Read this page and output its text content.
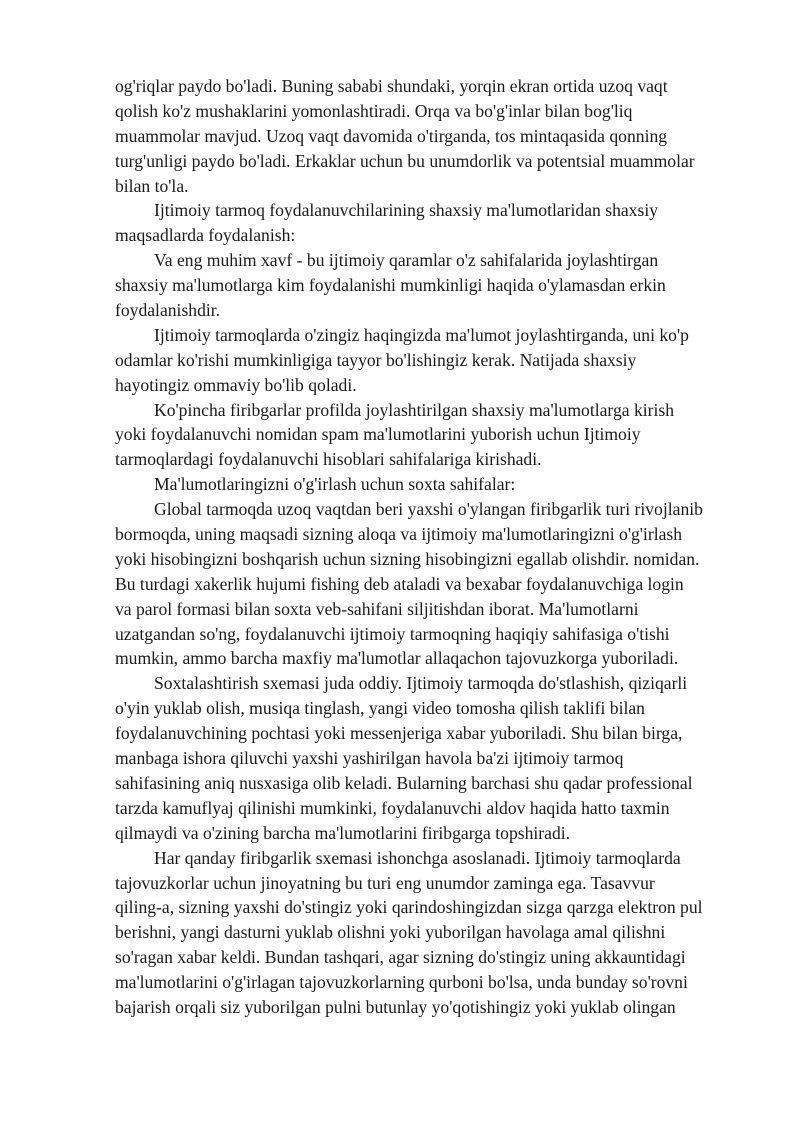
og'riqlar paydo bo'ladi. Buning sababi shundaki, yorqin ekran ortida uzoq vaqt
qolish ko'z mushaklarini yomonlashtiradi. Orqa va bo'g'inlar bilan bog'liq
muammolar mavjud. Uzoq vaqt davomida o'tirganda, tos mintaqasida qonning
turg'unligi paydo bo'ladi. Erkaklar uchun bu unumdorlik va potentsial muammolar
bilan to'la.
Ijtimoiy tarmoq foydalanuvchilarining shaxsiy ma'lumotlaridan shaxsiy
maqsadlarda foydalanish:
Va eng muhim xavf - bu ijtimoiy qaramlar o'z sahifalarida joylashtirgan
shaxsiy ma'lumotlarga kim foydalanishi mumkinligi haqida o'ylamasdan erkin
foydalanishdir.
Ijtimoiy tarmoqlarda o'zingiz haqingizda ma'lumot joylashtirganda, uni ko'p
odamlar ko'rishi mumkinligiga tayyor bo'lishingiz kerak. Natijada shaxsiy
hayotingiz ommaviy bo'lib qoladi.
Ko'pincha firibgarlar profilda joylashtirilgan shaxsiy ma'lumotlarga kirish
yoki foydalanuvchi nomidan spam ma'lumotlarini yuborish uchun Ijtimoiy
tarmoqlardagi foydalanuvchi hisoblari sahifalariga kirishadi.
Ma'lumotlaringizni o'g'irlash uchun soxta sahifalar:
Global tarmoqda uzoq vaqtdan beri yaxshi o'ylangan firibgarlik turi rivojlanib
bormoqda, uning maqsadi sizning aloqa va ijtimoiy ma'lumotlaringizni o'g'irlash
yoki hisobingizni boshqarish uchun sizning hisobingizni egallab olishdir. nomidan.
Bu turdagi xakerlik hujumi fishing deb ataladi va bexabar foydalanuvchiga login
va parol formasi bilan soxta veb-sahifani siljitishdan iborat. Ma'lumotlarni
uzatgandan so'ng, foydalanuvchi ijtimoiy tarmoqning haqiqiy sahifasiga o'tishi
mumkin, ammo barcha maxfiy ma'lumotlar allaqachon tajovuzkorga yuboriladi.
Soxtalashtirish sxemasi juda oddiy. Ijtimoiy tarmoqda do'stlashish, qiziqarli
o'yin yuklab olish, musiqa tinglash, yangi video tomosha qilish taklifi bilan
foydalanuvchining pochtasi yoki messenjeriga xabar yuboriladi. Shu bilan birga,
manbaga ishora qiluvchi yaxshi yashirilgan havola ba'zi ijtimoiy tarmoq
sahifasining aniq nusxasiga olib keladi. Bularning barchasi shu qadar professional
tarzda kamuflyaj qilinishi mumkinki, foydalanuvchi aldov haqida hatto taxmin
qilmaydi va o'zining barcha ma'lumotlarini firibgarga topshiradi.
Har qanday firibgarlik sxemasi ishonchga asoslanadi. Ijtimoiy tarmoqlarda
tajovuzkorlar uchun jinoyatning bu turi eng unumdor zaminga ega. Tasavvur
qiling-a, sizning yaxshi do'stingiz yoki qarindoshingizdan sizga qarzga elektron pul
berishni, yangi dasturni yuklab olishni yoki yuborilgan havolaga amal qilishni
so'ragan xabar keldi. Bundan tashqari, agar sizning do'stingiz uning akkauntidagi
ma'lumotlarini o'g'irlagan tajovuzkorlarning qurboni bo'lsa, unda bunday so'rovni
bajarish orqali siz yuborilgan pulni butunlay yo'qotishingiz yoki yuklab olingan
